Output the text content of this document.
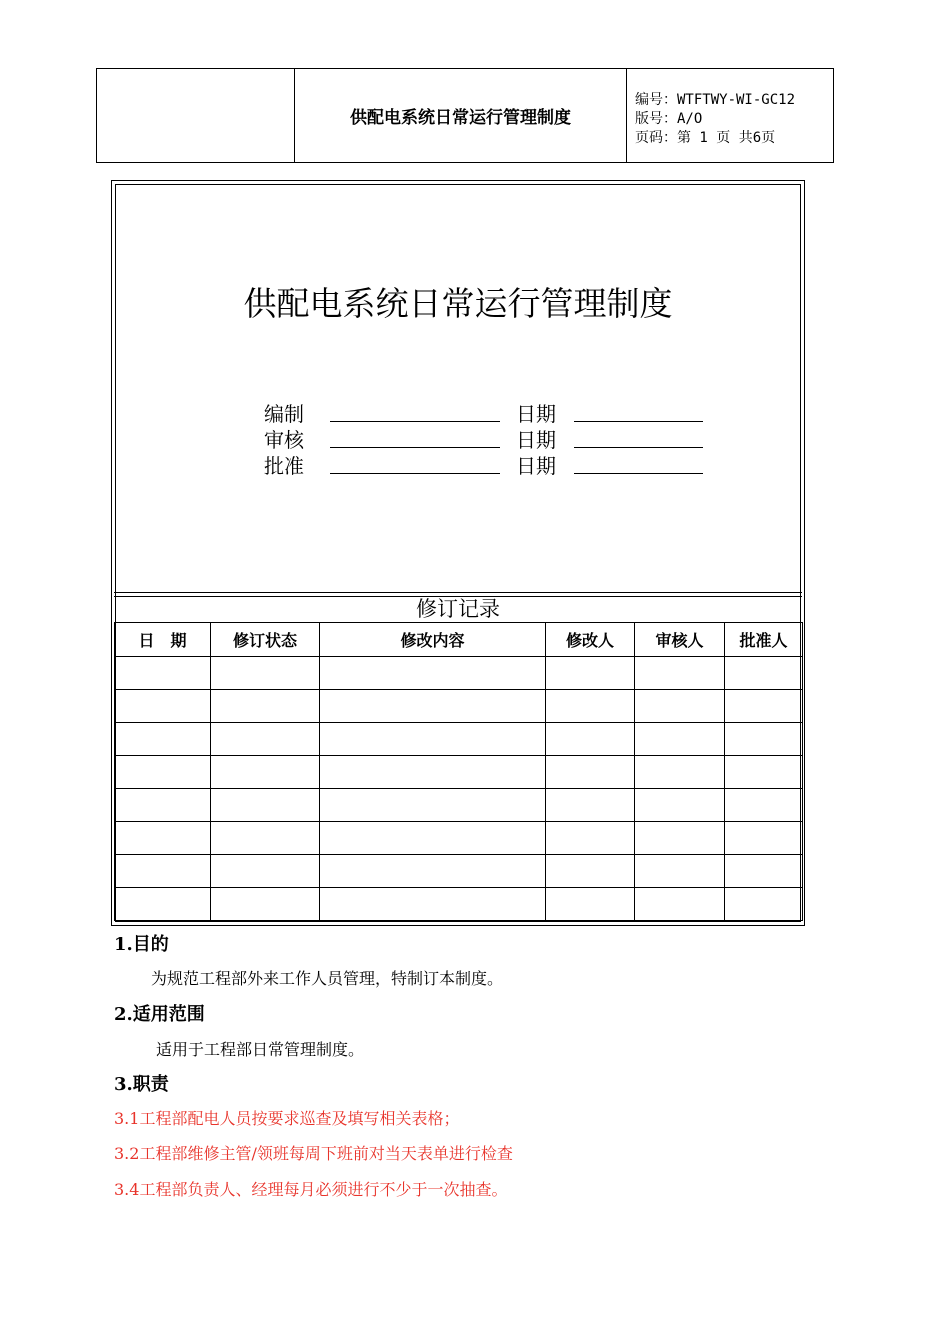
供配电系统日常运行管理制度
编号：WTFTWY-WI-GC12
版号：A/O
页码：第 1 页 共6页
供配电系统日常运行管理制度
编制	日期
审核	日期
批准	日期
修订记录
日　期	修订状态	修改内容	修改人	审核人	批准人

1.目的
为规范工程部外来工作人员管理，特制订本制度。
2.适用范围
适用于工程部日常管理制度。
3.职责
3.1工程部配电人员按要求巡查及填写相关表格；
3.2工程部维修主管/领班每周下班前对当天表单进行检查
3.4工程部负责人、经理每月必须进行不少于一次抽查。
